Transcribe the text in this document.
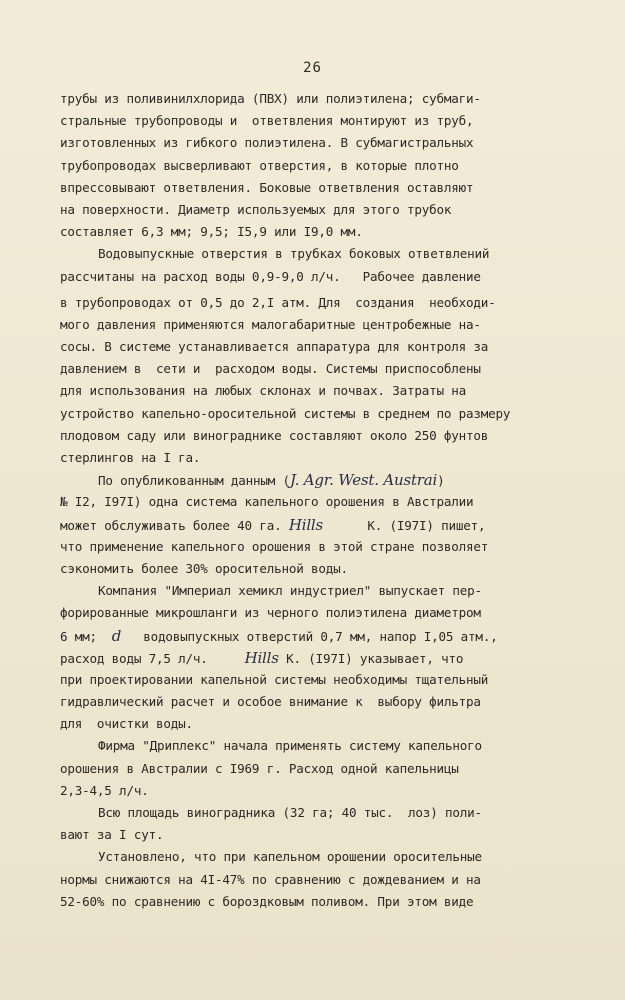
26
трубы из поливинилхлорида (ПВХ) или полиэтилена; субмаги-
стральные трубопроводы и  ответвления монтируют из труб,
изготовленных из гибкого полиэтилена. В субмагистральных
трубопроводах высверливают отверстия, в которые плотно
впрессовывают ответвления. Боковые ответвления оставляют
на поверхности. Диаметр используемых для этого трубок
составляет 6,3 мм; 9,5; I5,9 или I9,0 мм.
Водовыпускные отверстия в трубках боковых ответвлений
рассчитаны на расход воды 0,9-9,0 л/ч.   Рабочее давление
в трубопроводах от 0,5 до 2,I атм. Для  создания  необходи-
мого давления применяются малогабаритные центробежные на-
сосы. В системе устанавливается аппаратура для контроля за
давлением в  сети и  расходом воды. Системы приспособлены
для использования на любых склонах и почвах. Затраты на
устройство капельно-оросительной системы в среднем по размеру
плодовом саду или винограднике составляют около 250 фунтов
стерлингов на I га.
По опубликованным данным (J. Agr. West. Austrai)
№ I2, I97I) одна система капельного орошения в Австралии
может обслуживать более 40 га. Hills      К. (I97I) пишет,
что применение капельного орошения в этой стране позволяет
сэкономить более 30% оросительной воды.
Компания "Империал хемикл индустриел" выпускает пер-
форированные микрошланги из черного полиэтилена диаметром
6 мм;  d   водовыпускных отверстий 0,7 мм, напор I,05 атм.,
расход воды 7,5 л/ч.     Hills К. (I97I) указывает, что
при проектировании капельной системы необходимы тщательный
гидравлический расчет и особое внимание к  выбору фильтра
для  очистки воды.
Фирма "Дриплекс" начала применять систему капельного
орошения в Австралии с I969 г. Расход одной капельницы
2,3-4,5 л/ч.
Всю площадь виноградника (32 га; 40 тыс.  лоз) поли-
вают за I сут.
Установлено, что при капельном орошении оросительные
нормы снижаются на 4I-47% по сравнению с дождеванием и на
52-60% по сравнению с бороздковым поливом. При этом виде
